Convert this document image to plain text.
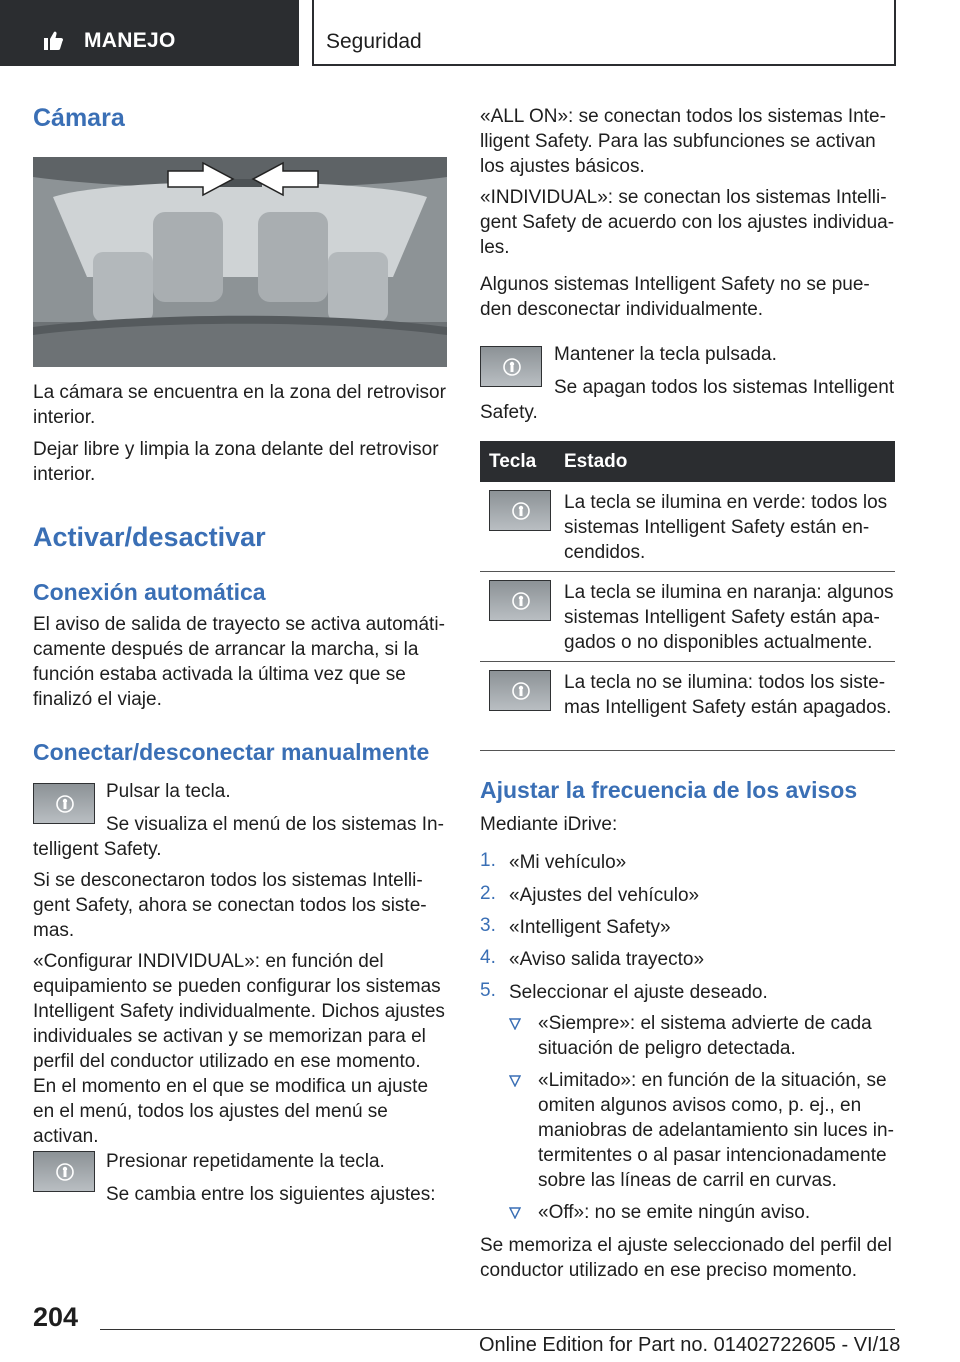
MANEJO	Seguridad
Cámara
La cámara se encuentra en la zona del retrovisor interior.
Dejar libre y limpia la zona delante del retrovisor interior.
Activar/desactivar
Conexión automática
El aviso de salida de trayecto se activa automáticamente después de arrancar la marcha, si la función estaba activada la última vez que se finalizó el viaje.
Conectar/desconectar manualmente
Pulsar la tecla.
Se visualiza el menú de los sistemas Intelligent Safety.
Si se desconectaron todos los sistemas Intelligent Safety, ahora se conectan todos los sistemas.
«Configurar INDIVIDUAL»: en función del equipamiento se pueden configurar los sistemas Intelligent Safety individualmente. Dichos ajustes individuales se activan y se memorizan para el perfil del conductor utilizado en ese momento. En el momento en el que se modifica un ajuste en el menú, todos los ajustes del menú se activan.
Presionar repetidamente la tecla.
Se cambia entre los siguientes ajustes:
«ALL ON»: se conectan todos los sistemas Intelligent Safety. Para las subfunciones se activan los ajustes básicos.
«INDIVIDUAL»: se conectan los sistemas Intelligent Safety de acuerdo con los ajustes individuales.
Algunos sistemas Intelligent Safety no se pueden desconectar individualmente.
Mantener la tecla pulsada.
Se apagan todos los sistemas Intelligent Safety.
Tecla Estado
La tecla se ilumina en verde: todos los sistemas Intelligent Safety están encendidos.
La tecla se ilumina en naranja: algunos sistemas Intelligent Safety están apagados o no disponibles actualmente.
La tecla no se ilumina: todos los sistemas Intelligent Safety están apagados.
Ajustar la frecuencia de los avisos
Mediante iDrive:
1. «Mi vehículo»
2. «Ajustes del vehículo»
3. «Intelligent Safety»
4. «Aviso salida trayecto»
5. Seleccionar el ajuste deseado.
«Siempre»: el sistema advierte de cada situación de peligro detectada.
«Limitado»: en función de la situación, se omiten algunos avisos como, p. ej., en maniobras de adelantamiento sin luces intermitentes o al pasar intencionadamente sobre las líneas de carril en curvas.
«Off»: no se emite ningún aviso.
Se memoriza el ajuste seleccionado del perfil del conductor utilizado en ese preciso momento.
204
Online Edition for Part no. 01402722605 - VI/18
